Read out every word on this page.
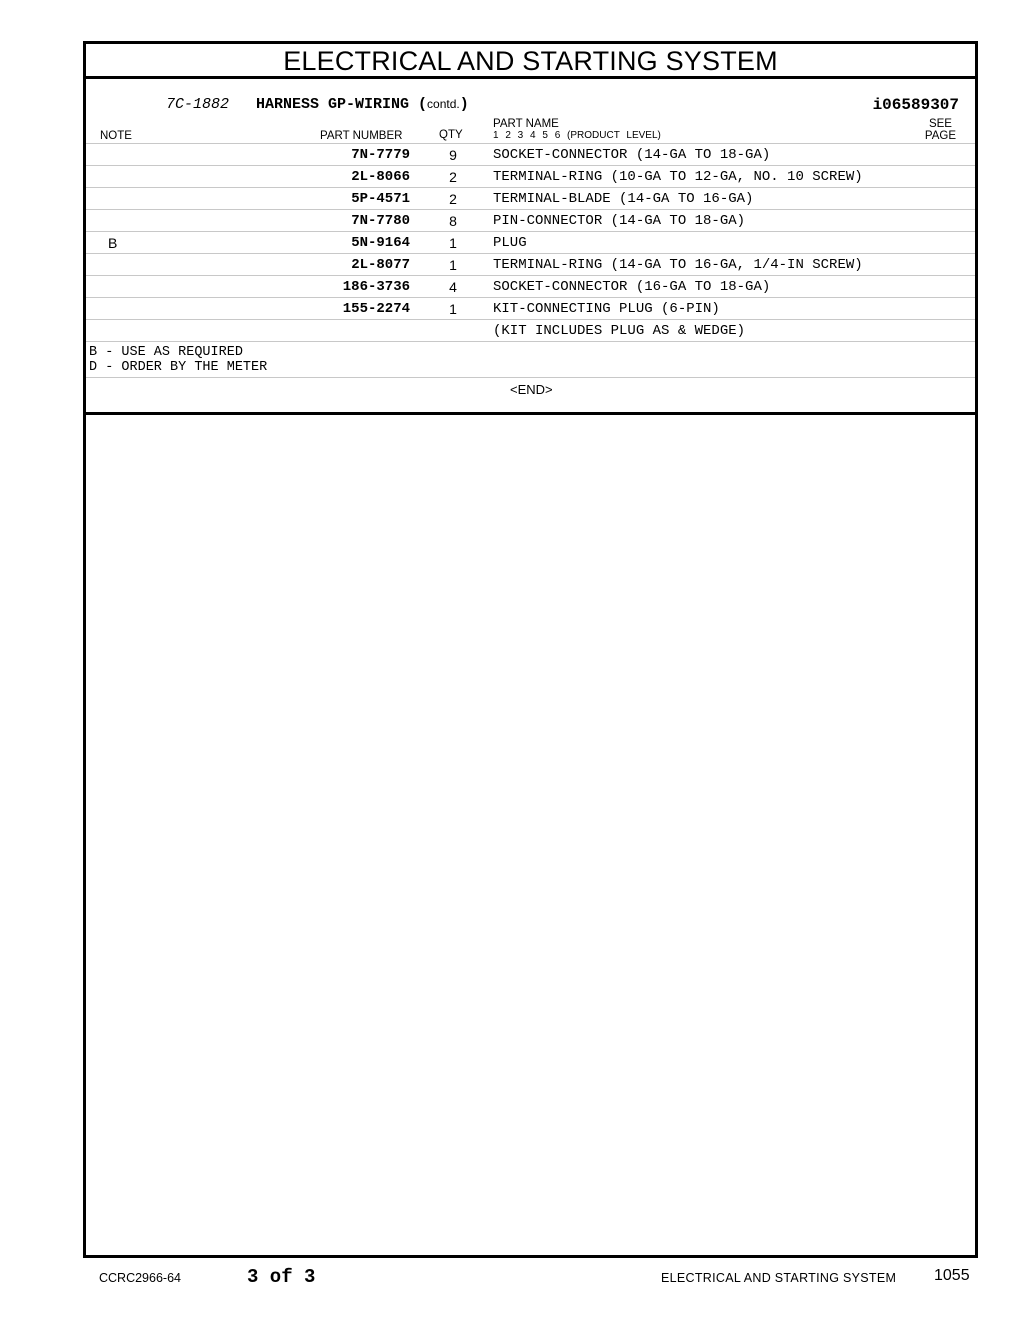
ELECTRICAL AND STARTING SYSTEM
7C-1882 HARNESS GP-WIRING (contd.)	i06589307
NOTE	PART NUMBER	QTY
PART NAME
1 2 3 4 5 6 (PRODUCT LEVEL)
SEE
PAGE
7N-7779	9	SOCKET-CONNECTOR (14-GA TO 18-GA)
2L-8066	2	TERMINAL-RING (10-GA TO 12-GA, NO. 10 SCREW)
5P-4571	2	TERMINAL-BLADE (14-GA TO 16-GA)
7N-7780	8	PIN-CONNECTOR (14-GA TO 18-GA)
B	5N-9164	1	PLUG
2L-8077	1	TERMINAL-RING (14-GA TO 16-GA, 1/4-IN SCREW)
186-3736	4	SOCKET-CONNECTOR (16-GA TO 18-GA)
155-2274	1	KIT-CONNECTING PLUG (6-PIN)
(KIT INCLUDES PLUG AS & WEDGE)
B - USE AS REQUIRED
D - ORDER BY THE METER
<END>
CCRC2966-64	3 of 3	ELECTRICAL AND STARTING SYSTEM 1055
